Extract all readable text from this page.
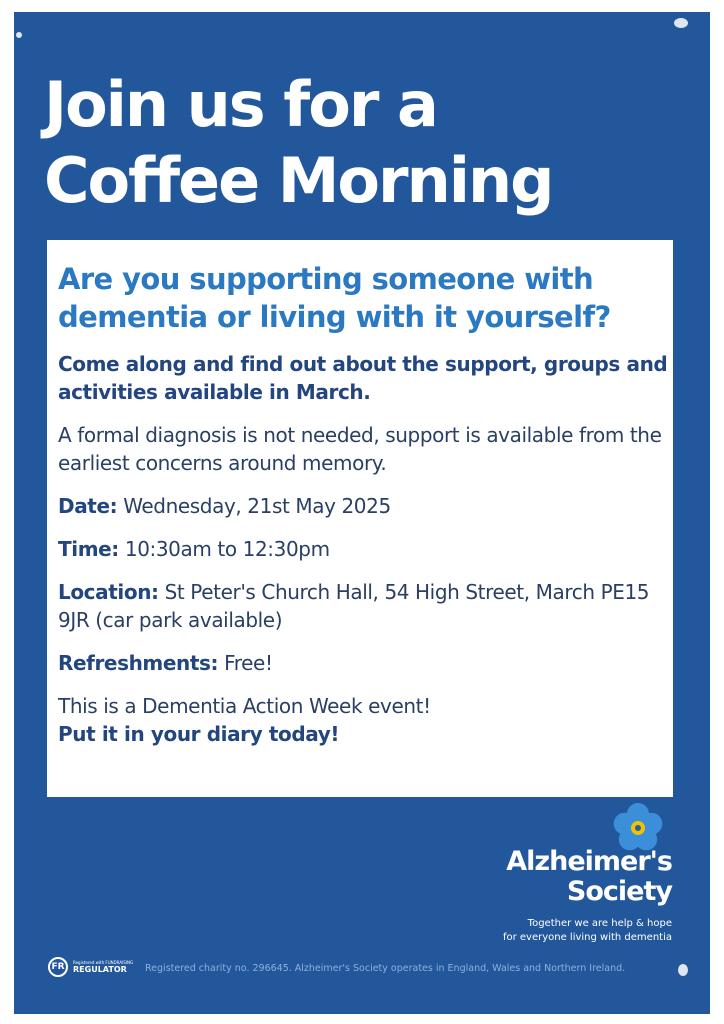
Join us for a
Coffee Morning

Are you supporting someone with dementia or living with it yourself?

Come along and find out about the support, groups and activities available in March.

A formal diagnosis is not needed, support is available from the earliest concerns around memory.

Date: Wednesday, 21st May 2025

Time: 10:30am to 12:30pm

Location: St Peter's Church Hall, 54 High Street, March PE15 9JR (car park available)

Refreshments: Free!

This is a Dementia Action Week event!
Put it in your diary today!

Alzheimer's
Society
Together we are help & hope
for everyone living with dementia
FR	Registered with FUNDRAISING
REGULATOR	Registered charity no. 296645. Alzheimer's Society operates in England, Wales and Northern Ireland.
